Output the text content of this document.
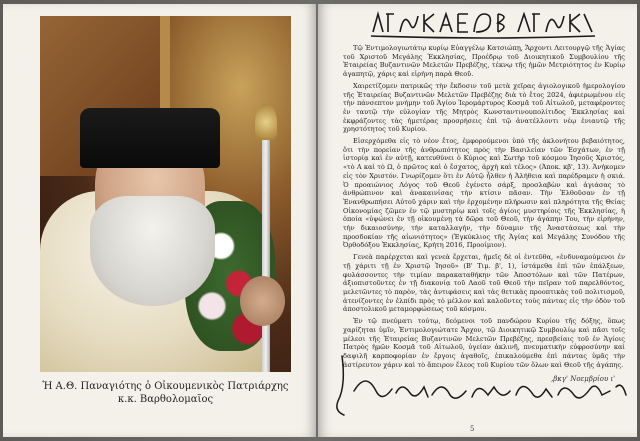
Ἡ Α.Θ. Παναγιότης ὁ Οἰκουμενικὸς Πατριάρχης
κ.κ. Βαρθολομαῖος

Τῷ Ἐντιμολογιωτάτῳ κυρίῳ Εὐαγγέλῳ Κατσιώπῃ, Ἄρχοντι Λειτουργῷ τῆς Ἁγίας τοῦ Χριστοῦ Μεγάλης Ἐκκλησίας, Προέδρῳ τοῦ Διοικητικοῦ Συμβουλίου τῆς Ἑταιρείας Βυζαντινῶν Μελετῶν Πρεβέζης, τέκνῳ τῆς ἡμῶν Μετριότητος ἐν Κυρίῳ ἀγαπητῷ, χάρις καὶ εἰρήνη παρὰ Θεοῦ.

Χαιρετίζομεν πατρικῶς τὴν ἔκδοσιν τοῦ μετὰ χεῖρας ἁγιολογικοῦ ἡμερολογίου τῆς Ἑταιρείας Βυζαντινῶν Μελετῶν Πρεβέζης διὰ τὸ ἔτος 2024, ἀφιερωμένου εἰς τὴν πάνσεπτον μνήμην τοῦ Ἁγίου Ἱερομάρτυρος Κοσμᾶ τοῦ Αἰτωλοῦ, μεταφέροντες ἐν ταυτῷ τὴν εὐλογίαν τῆς Μητρὸς Κωνσταντινουπολίτιδος Ἐκκλησίας καὶ ἐκφράζοντες τὰς ἡμετέρας προσρήσεις ἐπὶ τῷ ἀνατέλλοντι νέῳ ἐνιαυτῷ τῆς χρηστότητος τοῦ Κυρίου.

Εἰσερχόμεθα εἰς τὸ νέον ἔτος, ἐμφορούμενοι ὑπὸ τῆς ἀκλονήτου βεβαιότητος, ὅτι τὴν πορείαν τῆς ἀνθρωπότητος πρὸς τὴν Βασιλείαν τῶν Ἐσχάτων, ἐν τῇ ἱστορίᾳ καὶ ἐν αὐτῇ, κατευθύνει ὁ Κύριος καὶ Σωτὴρ τοῦ κόσμου Ἰησοῦς Χριστός, «τὸ Α καὶ τὸ Ω, ὁ πρῶτος καὶ ὁ ἔσχατος, ἀρχὴ καὶ τέλος» (Ἀποκ. κβ', 13). Ἀνήκομεν εἰς τὸν Χριστόν. Γνωρίζομεν ὅτι ἐν Αὐτῷ ἦλθεν ἡ Ἀλήθεια καὶ παρέδραμεν ἡ σκιά. Ὁ προαιώνιος Λόγος τοῦ Θεοῦ ἐγένετο σάρξ, προσλαβὼν καὶ ἀγιάσας τὸ ἀνθρώπινον καὶ ἀνακαινίσας τὴν κτίσιν πᾶσαν. Τὴν Ἐλθοῦσαν ἐν τῇ Ἐνανθρωπήσει Αὐτοῦ χάριν καὶ τὴν ἐρχομένην πλήρωσιν καὶ πληρότητα τῆς Θείας Οἰκονομίας ζῶμεν ἐν τῷ μυστηρίῳ καὶ τοῖς ἁγίοις μυστηρίοις τῆς Ἐκκλησίας, ἡ ὁποία «ὑψώνει ἐν τῇ οἰκουμένῃ τὰ δῶρα τοῦ Θεοῦ, τὴν ἀγάπην Του, τὴν εἰρήνην, τὴν δικαιοσύνην, τὴν καταλλαγήν, τὴν δύναμιν τῆς Ἀναστάσεως καὶ τὴν προσδοκίαν τῆς αἰωνιότητος» (Ἐγκύκλιος τῆς Ἁγίας καὶ Μεγάλης Συνόδου τῆς Ὀρθοδόξου Ἐκκλησίας, Κρήτη 2016, Προοίμιον).

Γενεὰ παρέρχεται καὶ γενεὰ ἔρχεται, ἡμεῖς δὲ οἱ ἐντεῦθα, «ἐνδυναμούμενοι ἐν τῇ χάριτι τῇ ἐν Χριστῷ Ἰησοῦ» (Β' Τιμ. β', 1), ἱστάμεθα ἐπὶ τῶν ἐπάλξεων, φυλάσσοντες τὴν τιμίαν παρακαταθήκην τῶν Ἀποστόλων καὶ τῶν Πατέρων, ἀξιοπιστοῦντες ἐν τῇ διακονίᾳ τοῦ Λαοῦ τοῦ Θεοῦ τὴν πεῖραν τοῦ παρελθόντος, μελετῶντες τὸ παρὸν, τὰς ἀντιφάσεις καὶ τὰς θετικὰς προοπτικὰς τοῦ πολιτισμοῦ, ἀτενίζοντες ἐν ἐλπίδι πρὸς τὸ μέλλον καὶ καλοῦντες τοὺς πάντας εἰς τὴν ὁδὸν τοῦ ἀποστολικοῦ μεταμορφώσεως τοῦ κόσμου.

Ἐν τῷ πνεύματι τούτῳ, δεόμενοι τοῦ πανδώρου Κυρίου τῆς δόξης, ὅπως χαρίζηται ὑμῖν, Ἐντιμολογιώτατε Ἄρχον, τῷ Διοικητικῷ Συμβουλίῳ καὶ πᾶσι τοῖς μέλεσι τῆς Ἑταιρείας Βυζαντινῶν Μελετῶν Πρεβέζης, πρεσβείαις τοῦ ἐν Ἁγίοις Πατρὸς ἡμῶν Κοσμᾶ τοῦ Αἰτωλοῦ, ὑγείαν ἀκλινῆ, πνευματικὴν εὐφροσύνην καὶ δαψιλῆ καρποφορίαν ἐν ἔργοις ἀγαθοῖς, ἐπικαλούμεθα ἐπὶ πάντας ὑμᾶς τὴν ἀστίρευτον χάριν καὶ τὸ ἄπειρον ἔλεος τοῦ Κυρίου τῶν ὅλων καὶ Θεοῦ τῆς ἀγάπης.

,βκγ' Νοεμβρίου ι'
5
